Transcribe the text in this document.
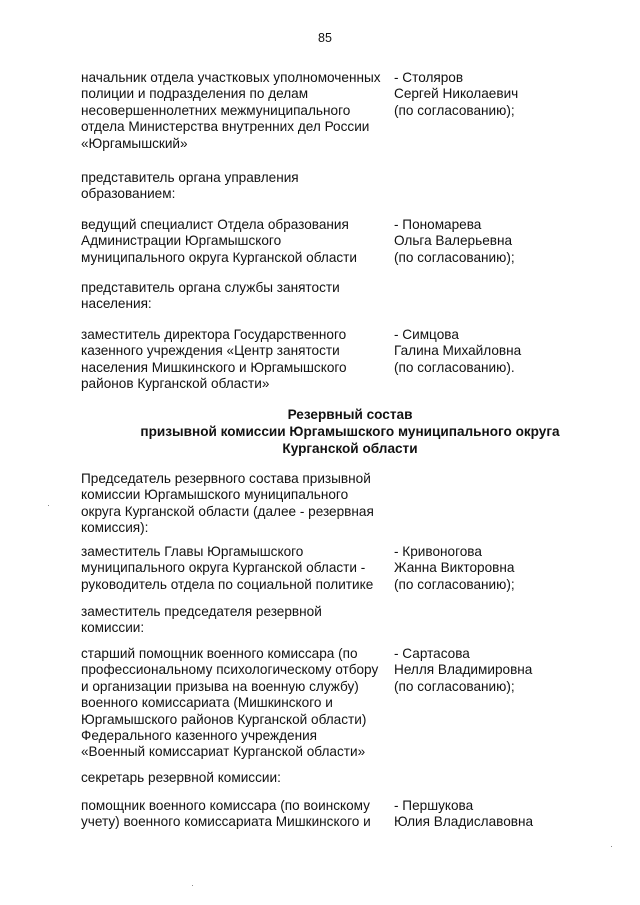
85
начальник отдела участковых уполномоченных
полиции и подразделения по делам
несовершеннолетних межмуниципального
отдела Министерства внутренних дел России
«Юргамышский»
- Столяров
Сергей Николаевич
(по согласованию);
представитель органа управления
образованием:
ведущий специалист Отдела образования
Администрации Юргамышского
муниципального округа Курганской области
- Пономарева
Ольга Валерьевна
(по согласованию);
представитель органа службы занятости
населения:
заместитель директора Государственного
казенного учреждения «Центр занятости
населения Мишкинского и Юргамышского
районов Курганской области»
- Симцова
Галина Михайловна
(по согласованию).
Резервный состав
призывной комиссии Юргамышского муниципального округа
Курганской области
Председатель резервного состава призывной
комиссии Юргамышского муниципального
округа Курганской области (далее - резервная
комиссия):
заместитель Главы Юргамышского
муниципального округа Курганской области -
руководитель отдела по социальной политике
- Кривоногова
Жанна Викторовна
(по согласованию);
заместитель председателя резервной
комиссии:
старший помощник военного комиссара (по
профессиональному психологическому отбору
и организации призыва на военную службу)
военного комиссариата (Мишкинского и
Юргамышского районов Курганской области)
Федерального казенного учреждения
«Военный комиссариат Курганской области»
- Сартасова
Нелля Владимировна
(по согласованию);
секретарь резервной комиссии:
помощник военного комиссара (по воинскому
учету) военного комиссариата Мишкинского и
- Першукова
Юлия Владиславовна
